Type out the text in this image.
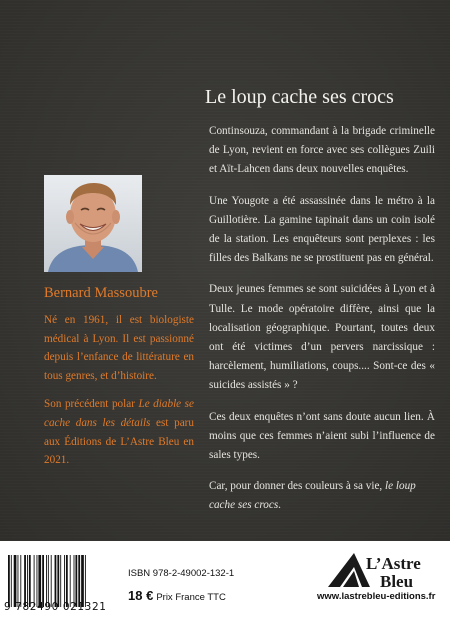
Le loup cache ses crocs

Continsouza, commandant à la brigade criminelle de Lyon, revient en force avec ses collègues Zuili et Aït-Lahcen dans deux nouvelles enquêtes.

Une Yougote a été assassinée dans le métro à la Guillotière. La gamine tapinait dans un coin isolé de la station. Les enquêteurs sont perplexes : les filles des Balkans ne se prostituent pas en général.

Deux jeunes femmes se sont suicidées à Lyon et à Tulle. Le mode opératoire diffère, ainsi que la localisation géographique. Pourtant, toutes deux ont été victimes d’un pervers narcissique : harcèlement, humiliations, coups.... Sont-ce des « suicides assistés » ?

Ces deux enquêtes n’ont sans doute aucun lien. À moins que ces femmes n’aient subi l’influence de sales types.

Car, pour donner des couleurs à sa vie, le loup cache ses crocs.

Bernard Massoubre

Né en 1961, il est biologiste médical à Lyon. Il est passionné depuis l’enfance de littérature en tous genres, et d’histoire.

Son précédent polar Le diable se cache dans les détails est paru aux Éditions de L’Astre Bleu en 2021.

9 782490 021321
ISBN 978-2-49002-132-1
18 € Prix France TTC
L’Astre
Bleu
www.lastrebleu-editions.fr
